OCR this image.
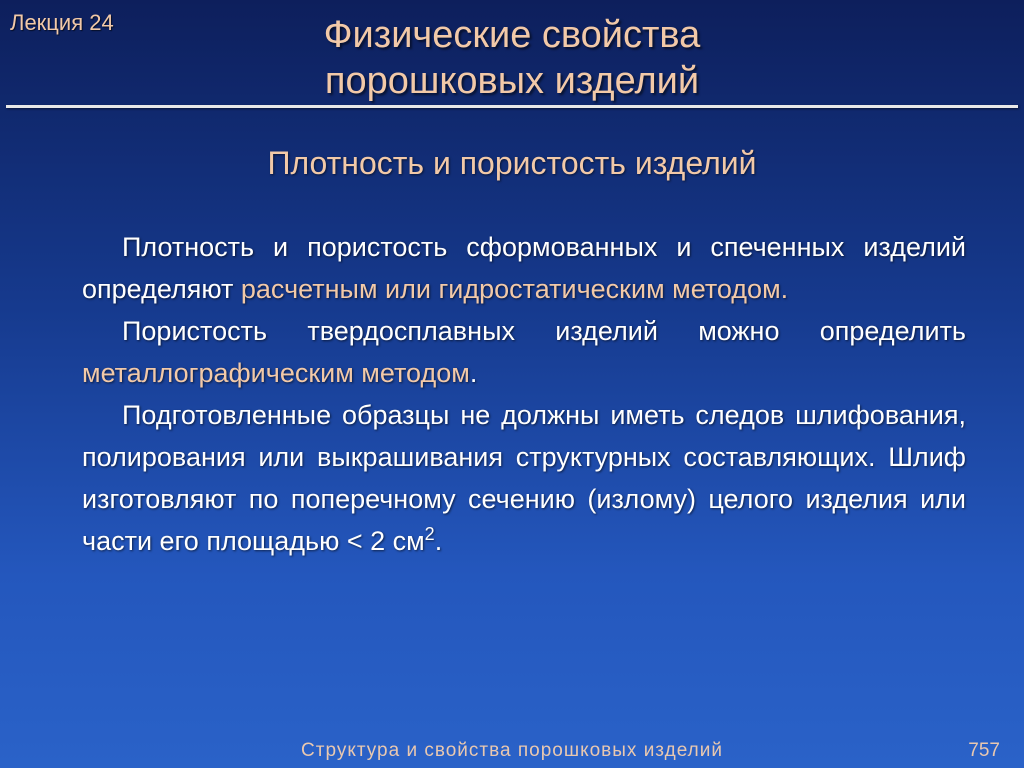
Лекция 24	Физические свойства
порошковых изделий
Плотность и пористость изделий

Плотность и пористость сформованных и спеченных изделий определяют расчетным или гидростатическим методом.

Пористость твердосплавных изделий можно определить металлографическим методом.

Подготовленные образцы не должны иметь следов шлифования, полирования или выкрашивания структурных составляющих. Шлиф изготовляют по поперечному сечению (излому) целого изделия или части его площадью < 2 $см^2$.

Структура и свойства порошковых изделий	757
